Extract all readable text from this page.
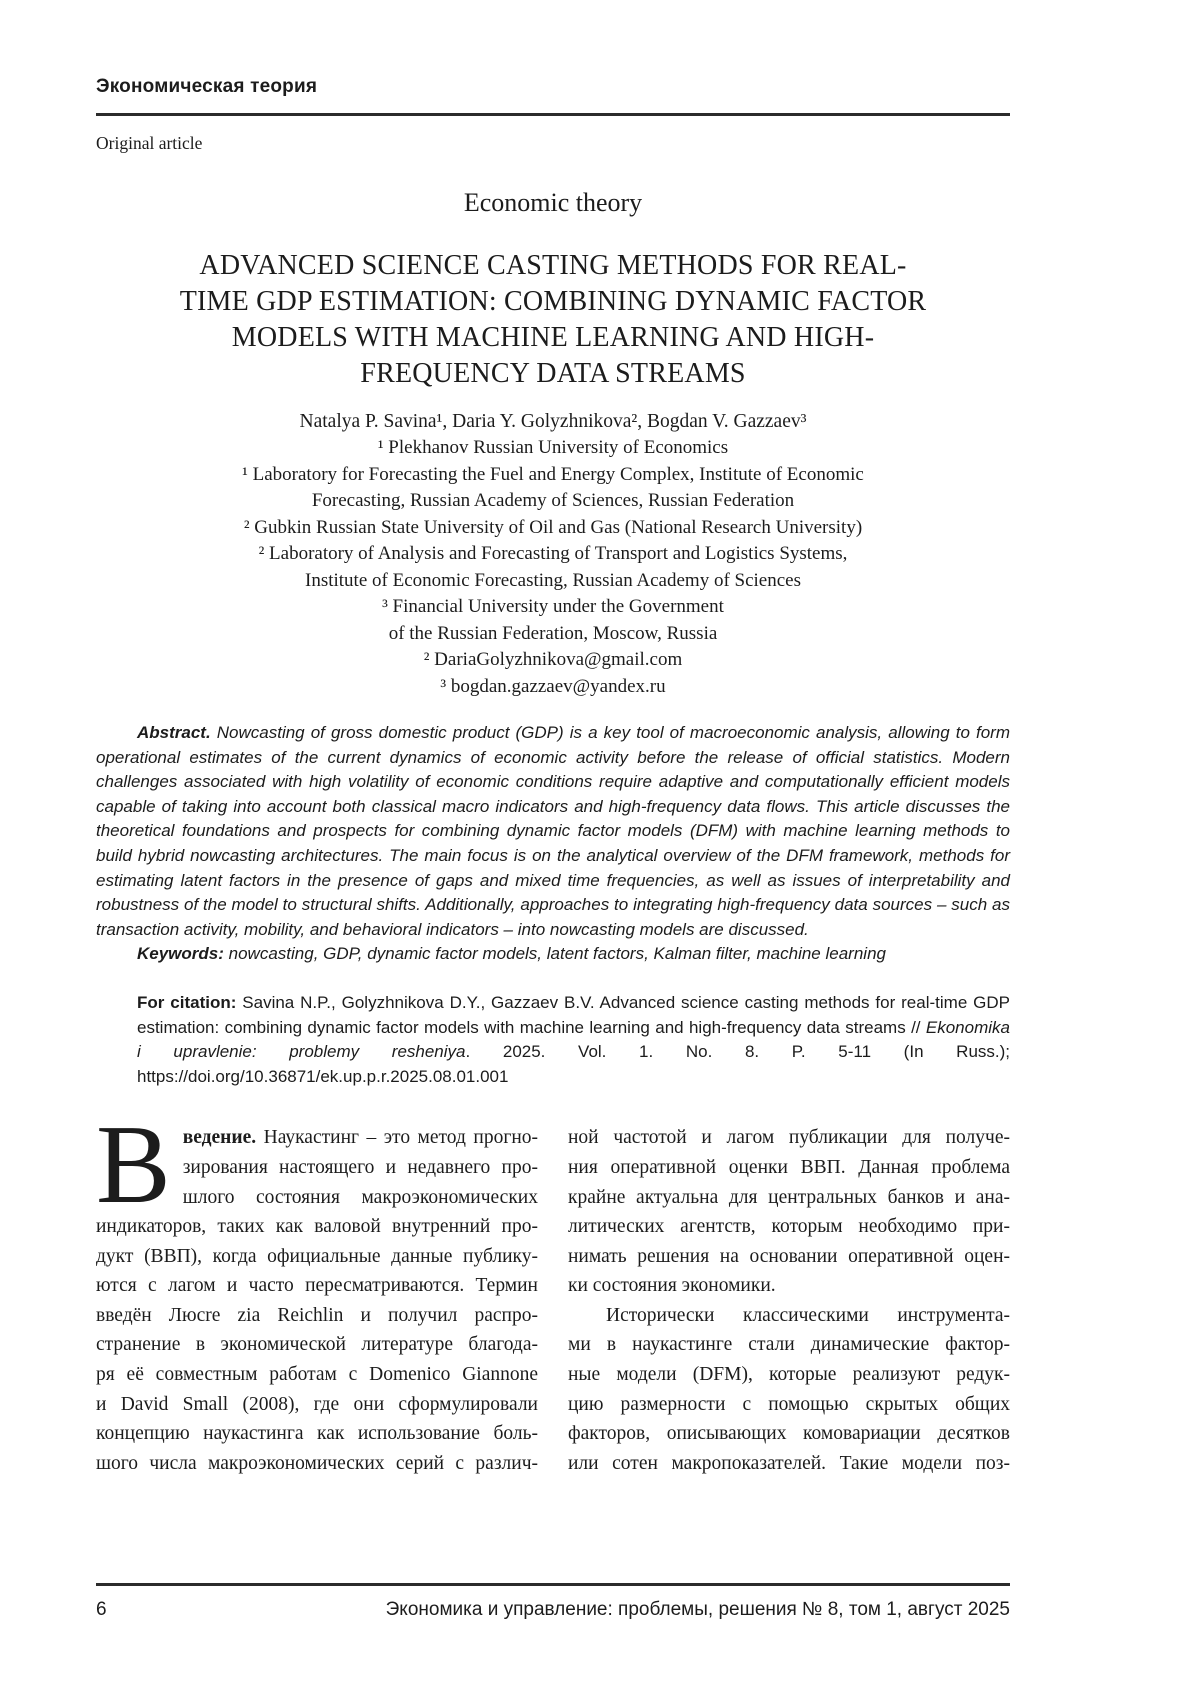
Экономическая теория
Original article
Economic theory
ADVANCED SCIENCE CASTING METHODS FOR REAL-
TIME GDP ESTIMATION: COMBINING DYNAMIC FACTOR
MODELS WITH MACHINE LEARNING AND HIGH-
FREQUENCY DATA STREAMS
Natalya P. Savina¹, Daria Y. Golyzhnikova², Bogdan V. Gazzaev³
¹ Plekhanov Russian University of Economics
¹ Laboratory for Forecasting the Fuel and Energy Complex, Institute of Economic
Forecasting, Russian Academy of Sciences, Russian Federation
² Gubkin Russian State University of Oil and Gas (National Research University)
² Laboratory of Analysis and Forecasting of Transport and Logistics Systems,
Institute of Economic Forecasting, Russian Academy of Sciences
³ Financial University under the Government
of the Russian Federation, Moscow, Russia
² DariaGolyzhnikova@gmail.com
³ bogdan.gazzaev@yandex.ru
Abstract. Nowcasting of gross domestic product (GDP) is a key tool of macroeconomic analysis, allowing to form operational estimates of the current dynamics of economic activity before the release of official statistics. Modern challenges associated with high volatility of economic conditions require adaptive and computationally efficient models capable of taking into account both classical macro indicators and high-frequency data flows. This article discusses the theoretical foundations and prospects for combining dynamic factor models (DFM) with machine learning methods to build hybrid nowcasting architectures. The main focus is on the analytical overview of the DFM framework, methods for estimating latent factors in the presence of gaps and mixed time frequencies, as well as issues of interpretability and robustness of the model to structural shifts. Additionally, approaches to integrating high-frequency data sources – such as transaction activity, mobility, and behavioral indicators – into nowcasting models are discussed.
Keywords: nowcasting, GDP, dynamic factor models, latent factors, Kalman filter, machine learning
For citation: Savina N.P., Golyzhnikova D.Y., Gazzaev B.V. Advanced science casting methods for real-time GDP estimation: combining dynamic factor models with machine learning and high-frequency data streams // Ekonomika i upravlenie: problemy resheniya. 2025. Vol. 1. No. 8. P. 5-11 (In Russ.); https://doi.org/10.36871/ek.up.p.r.2025.08.01.001
В ведение. Наукастинг – это метод прогно-
зирования настоящего и недавнего про-
шлого состояния макроэкономических
индикаторов, таких как валовой внутренний про-
дукт (ВВП), когда официальные данные публику-
ются с лагом и часто пересматриваются. Термин
введён Люсre zia Reichlin и получил распро-
странение в экономической литературе благода-
ря её совместным работам с Domenico Giannone
и David Small (2008), где они сформулировали
концепцию наукастинга как использование боль-
шого числа макроэкономических серий с различ-
ной частотой и лагом публикации для получе-
ния оперативной оценки ВВП. Данная проблема
крайне актуальна для центральных банков и ана-
литических агентств, которым необходимо при-
нимать решения на основании оперативной оцен-
ки состояния экономики.
Исторически классическими инструмента-
ми в наукастинге стали динамические фактор-
ные модели (DFM), которые реализуют редук-
цию размерности с помощью скрытых общих
факторов, описывающих комовариации десятков
или сотен макропоказателей. Такие модели поз-
6	Экономика и управление: проблемы, решения № 8, том 1, август 2025
